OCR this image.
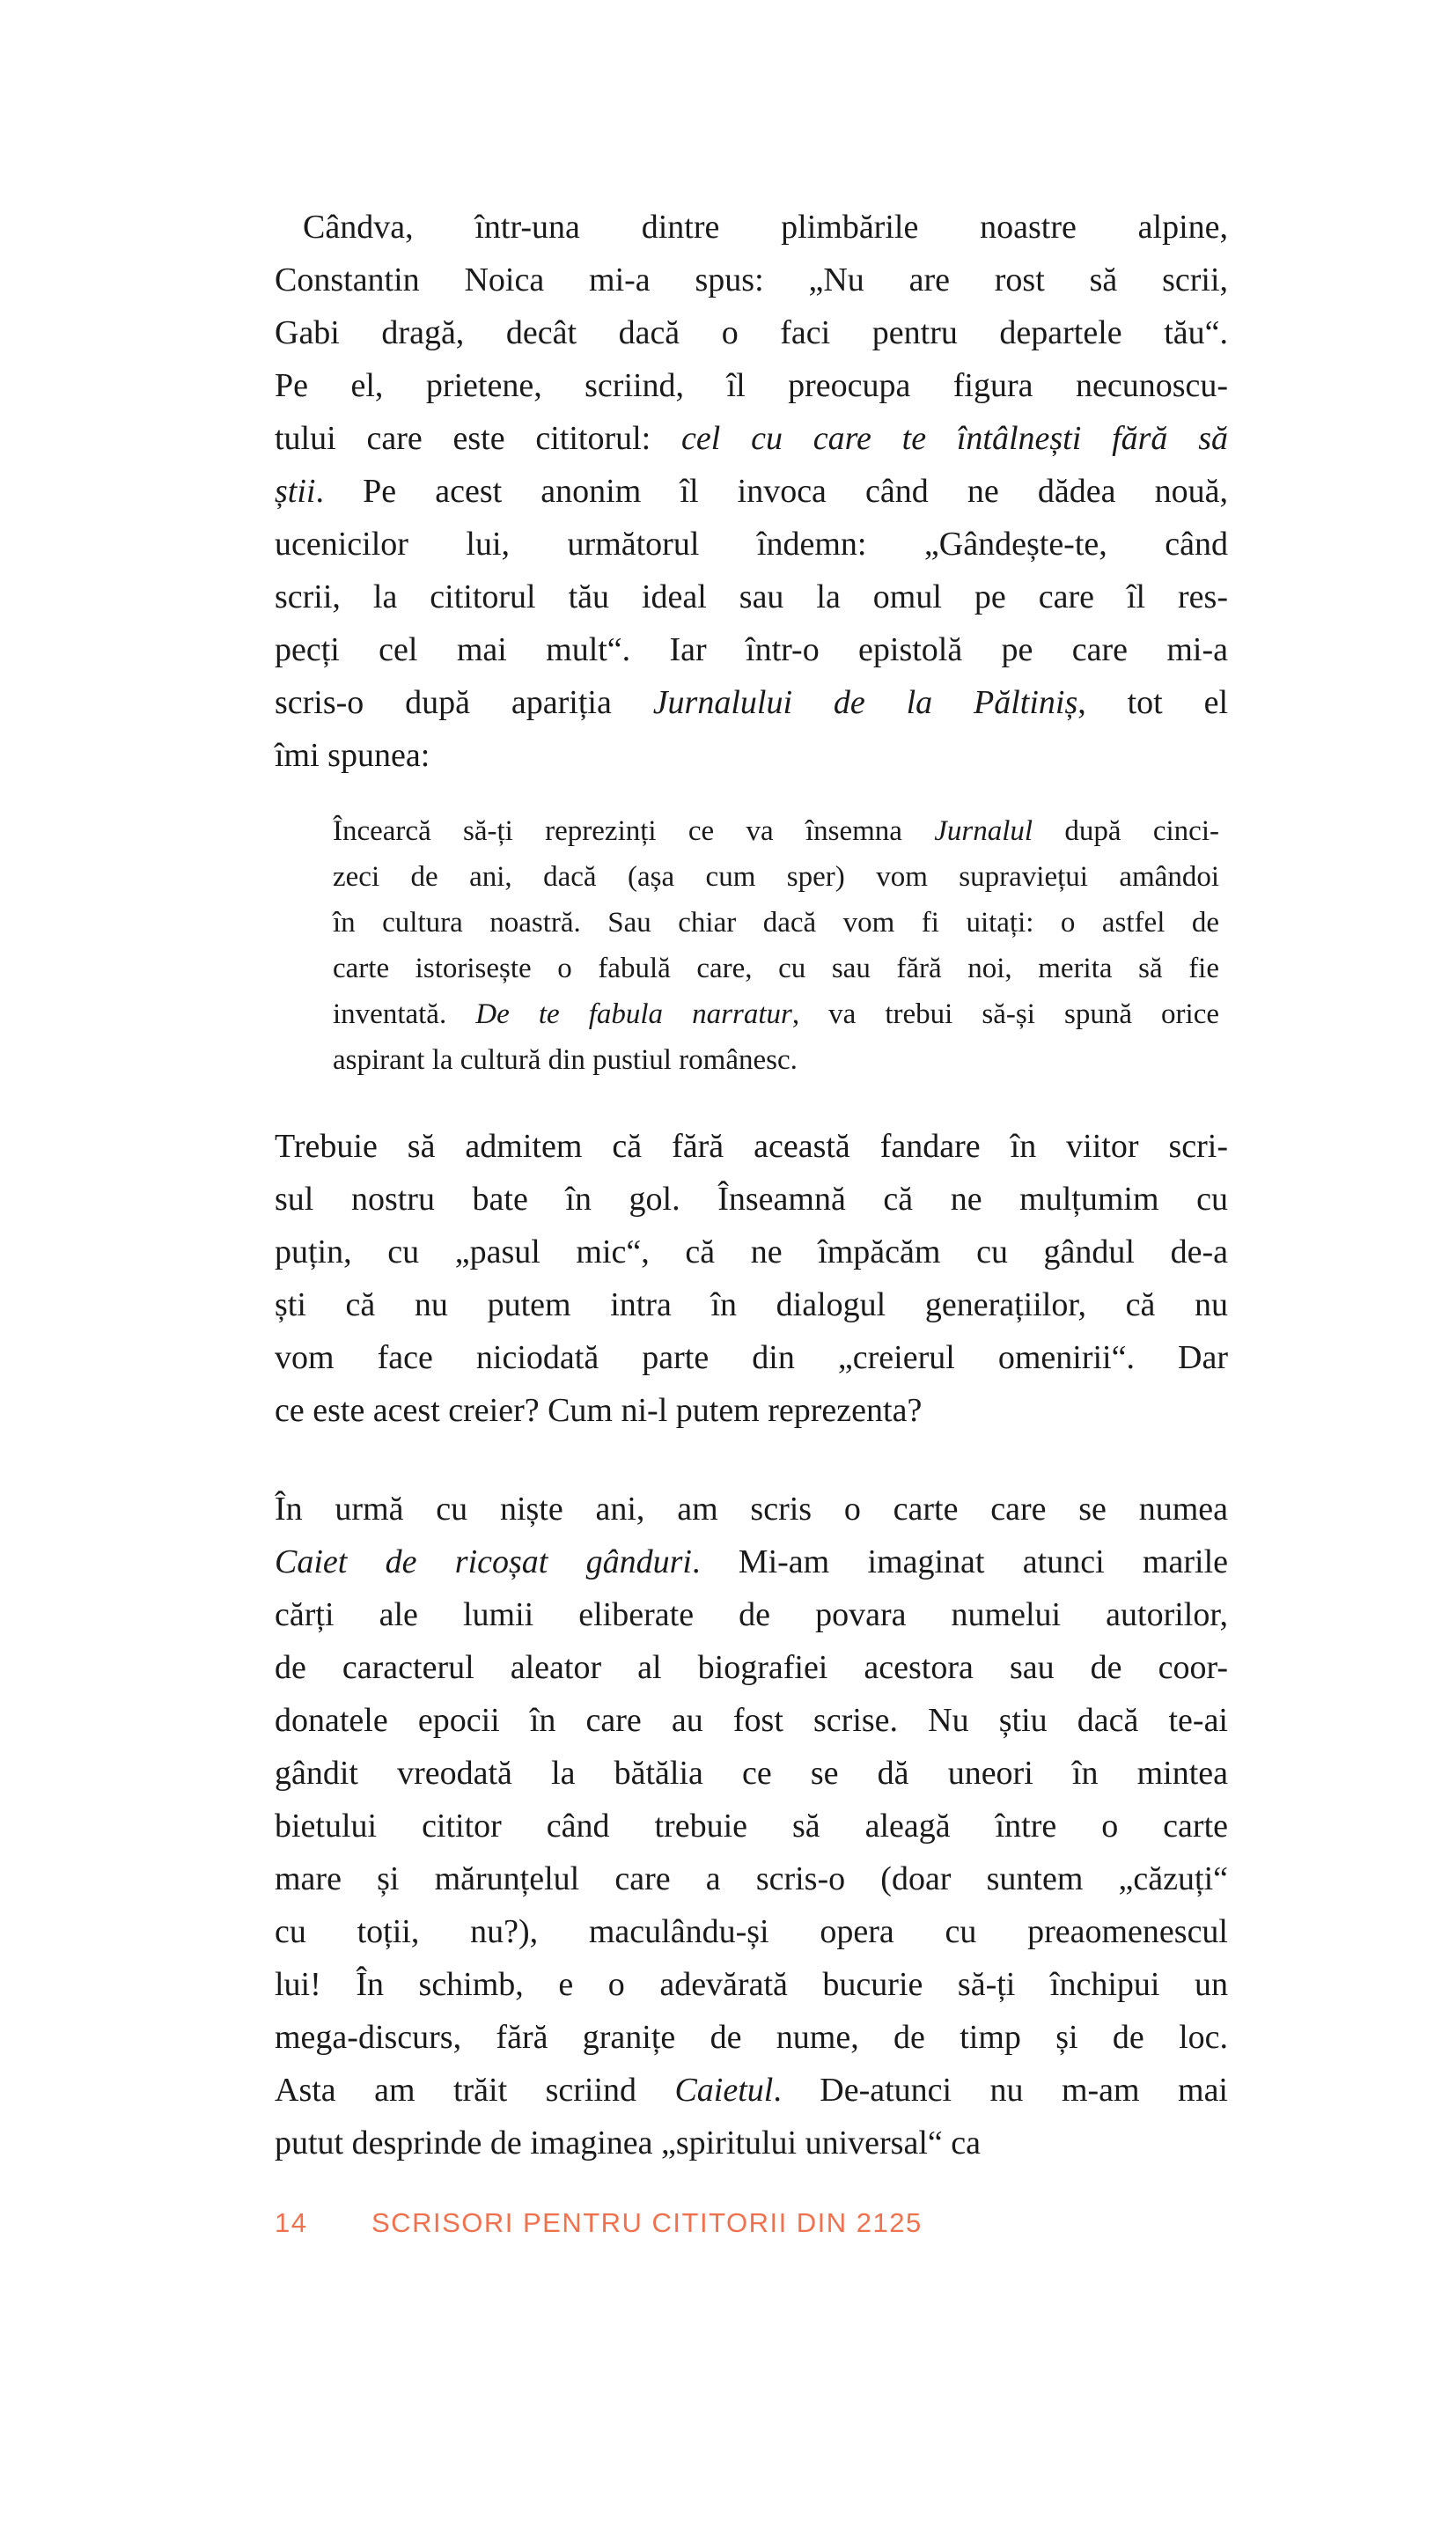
Cândva, într-una dintre plimbările noastre alpine,
Constantin Noica mi-a spus: „Nu are rost să scrii,
Gabi dragă, decât dacă o faci pentru departele tău“.
Pe el, prietene, scriind, îl preocupa figura necunoscu-
tului care este cititorul: cel cu care te întâlnești fără să
știi. Pe acest anonim îl invoca când ne dădea nouă,
ucenicilor lui, următorul îndemn: „Gândește-te, când
scrii, la cititorul tău ideal sau la omul pe care îl res-
pecți cel mai mult“. Iar într-o epistolă pe care mi-a
scris-o după apariția Jurnalului de la Păltiniș, tot el
îmi spunea:
Încearcă să-ți reprezinți ce va însemna Jurnalul după cinci-
zeci de ani, dacă (așa cum sper) vom supraviețui amândoi
în cultura noastră. Sau chiar dacă vom fi uitați: o astfel de
carte istorisește o fabulă care, cu sau fără noi, merita să fie
inventată. De te fabula narratur, va trebui să-și spună orice
aspirant la cultură din pustiul românesc.
Trebuie să admitem că fără această fandare în viitor scri-
sul nostru bate în gol. Înseamnă că ne mulțumim cu
puțin, cu „pasul mic“, că ne împăcăm cu gândul de-a
ști că nu putem intra în dialogul generațiilor, că nu
vom face niciodată parte din „creierul omenirii“. Dar
ce este acest creier? Cum ni-l putem reprezenta?
În urmă cu niște ani, am scris o carte care se numea
Caiet de ricoșat gânduri. Mi-am imaginat atunci marile
cărți ale lumii eliberate de povara numelui autorilor,
de caracterul aleator al biografiei acestora sau de coor-
donatele epocii în care au fost scrise. Nu știu dacă te-ai
gândit vreodată la bătălia ce se dă uneori în mintea
bietului cititor când trebuie să aleagă între o carte
mare și mărunțelul care a scris-o (doar suntem „căzuți“
cu toții, nu?), maculându-și opera cu preaomenescul
lui! În schimb, e o adevărată bucurie să-ți închipui un
mega-discurs, fără granițe de nume, de timp și de loc.
Asta am trăit scriind Caietul. De-atunci nu m-am mai
putut desprinde de imaginea „spiritului universal“ ca
14	SCRISORI PENTRU CITITORII DIN 2125
